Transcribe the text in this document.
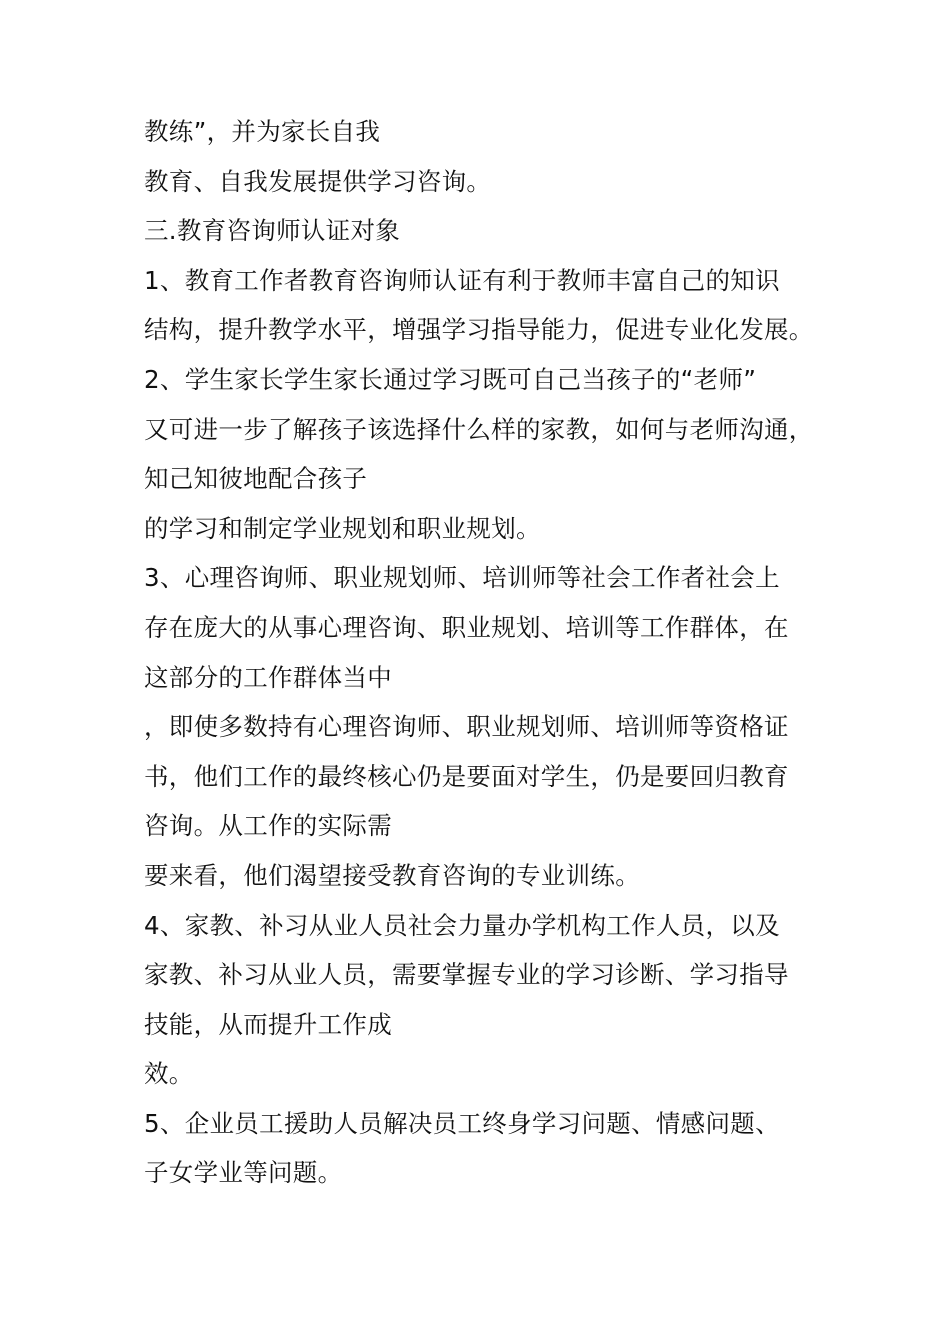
教练”，并为家长自我
教育、自我发展提供学习咨询。
三.教育咨询师认证对象
1、教育工作者教育咨询师认证有利于教师丰富自己的知识
结构，提升教学水平，增强学习指导能力，促进专业化发展。
2、学生家长学生家长通过学习既可自己当孩子的“老师”
又可进一步了解孩子该选择什么样的家教，如何与老师沟通，
知己知彼地配合孩子
的学习和制定学业规划和职业规划。
3、心理咨询师、职业规划师、培训师等社会工作者社会上
存在庞大的从事心理咨询、职业规划、培训等工作群体，在
这部分的工作群体当中
，即使多数持有心理咨询师、职业规划师、培训师等资格证
书，他们工作的最终核心仍是要面对学生，仍是要回归教育
咨询。从工作的实际需
要来看，他们渴望接受教育咨询的专业训练。
4、家教、补习从业人员社会力量办学机构工作人员，以及
家教、补习从业人员，需要掌握专业的学习诊断、学习指导
技能，从而提升工作成
效。
5、企业员工援助人员解决员工终身学习问题、情感问题、
子女学业等问题。
